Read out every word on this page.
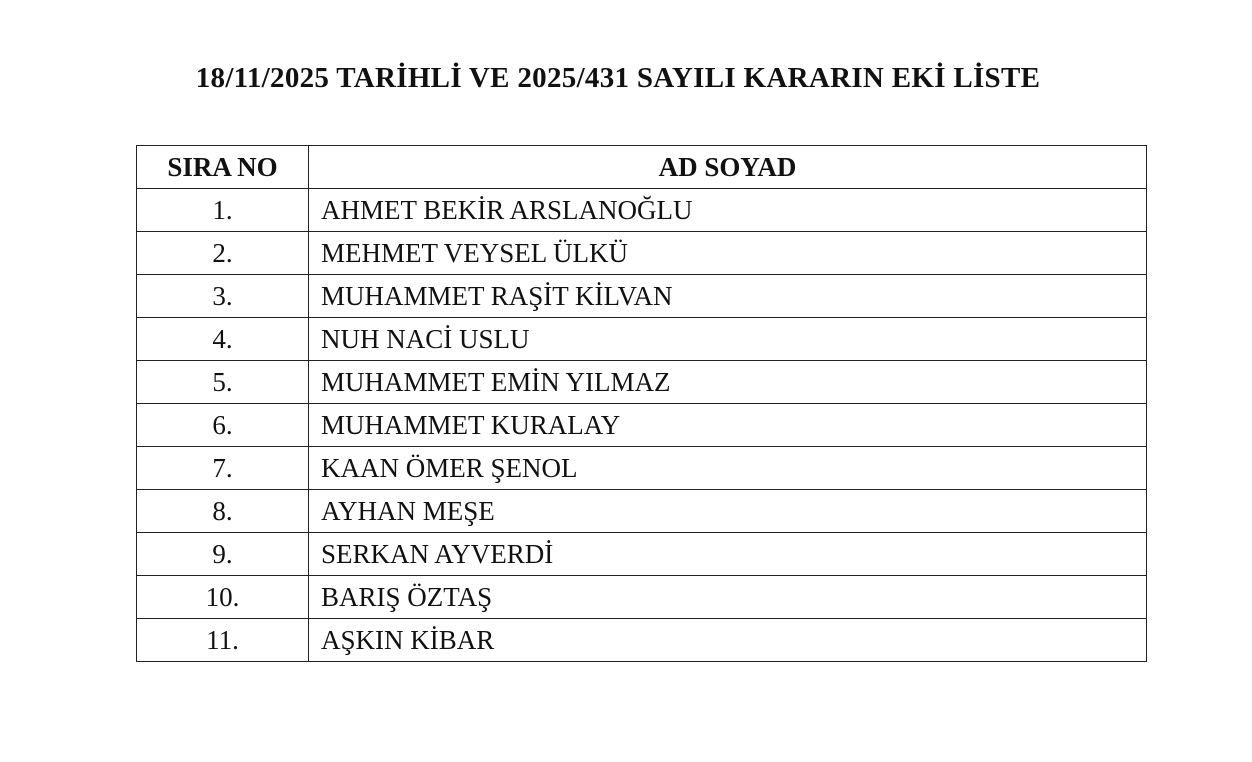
18/11/2025 TARİHLİ VE 2025/431 SAYILI KARARIN EKİ LİSTE
SIRA NO	AD SOYAD
1.	AHMET BEKİR ARSLANOĞLU
2.	MEHMET VEYSEL ÜLKÜ
3.	MUHAMMET RAŞİT KİLVAN
4.	NUH NACİ USLU
5.	MUHAMMET EMİN YILMAZ
6.	MUHAMMET KURALAY
7.	KAAN ÖMER ŞENOL
8.	AYHAN MEŞE
9.	SERKAN AYVERDİ
10.	BARIŞ ÖZTAŞ
11.	AŞKIN KİBAR
